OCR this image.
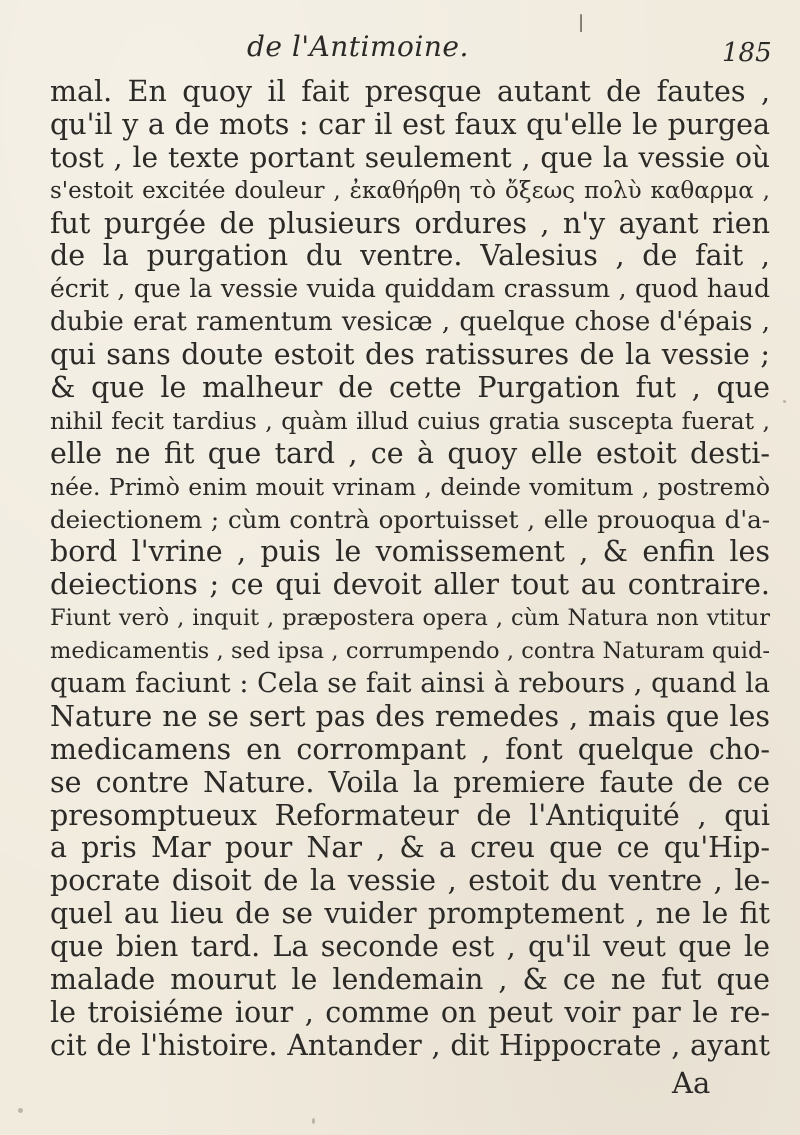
|
de l'Antimoine.	185
mal. En quoy il fait presque autant de fautes ,
qu'il y a de mots : car il est faux qu'elle le purgea
tost , le texte portant seulement , que la vessie où
s'estoit excitée douleur , ἐκαθήρθη τὸ ὄξεως πολὺ καθαρμα ,
fut purgée de plusieurs ordures , n'y ayant rien
de la purgation du ventre. Valesius , de fait ,
écrit , que la vessie vuida quiddam crassum , quod haud
dubie erat ramentum vesicæ , quelque chose d'épais ,
qui sans doute estoit des ratissures de la vessie ;
& que le malheur de cette Purgation fut , que
nihil fecit tardius , quàm illud cuius gratia suscepta fuerat ,
elle ne fit que tard , ce à quoy elle estoit desti-
née. Primò enim mouit vrinam , deinde vomitum , postremò
deiectionem ; cùm contrà oportuisset , elle prouoqua d'a-
bord l'vrine , puis le vomissement , & enfin les
deiections ; ce qui devoit aller tout au contraire.
Fiunt verò , inquit , præpostera opera , cùm Natura non vtitur
medicamentis , sed ipsa , corrumpendo , contra Naturam quid-
quam faciunt : Cela se fait ainsi à rebours , quand la
Nature ne se sert pas des remedes , mais que les
medicamens en corrompant , font quelque cho-
se contre Nature. Voila la premiere faute de ce
presomptueux Reformateur de l'Antiquité , qui
a pris Mar pour Nar , & a creu que ce qu'Hip-
pocrate disoit de la vessie , estoit du ventre , le-
quel au lieu de se vuider promptement , ne le fit
que bien tard. La seconde est , qu'il veut que le
malade mourut le lendemain , & ce ne fut que
le troisiéme iour , comme on peut voir par le re-
cit de l'histoire. Antander , dit Hippocrate , ayant
Aa
